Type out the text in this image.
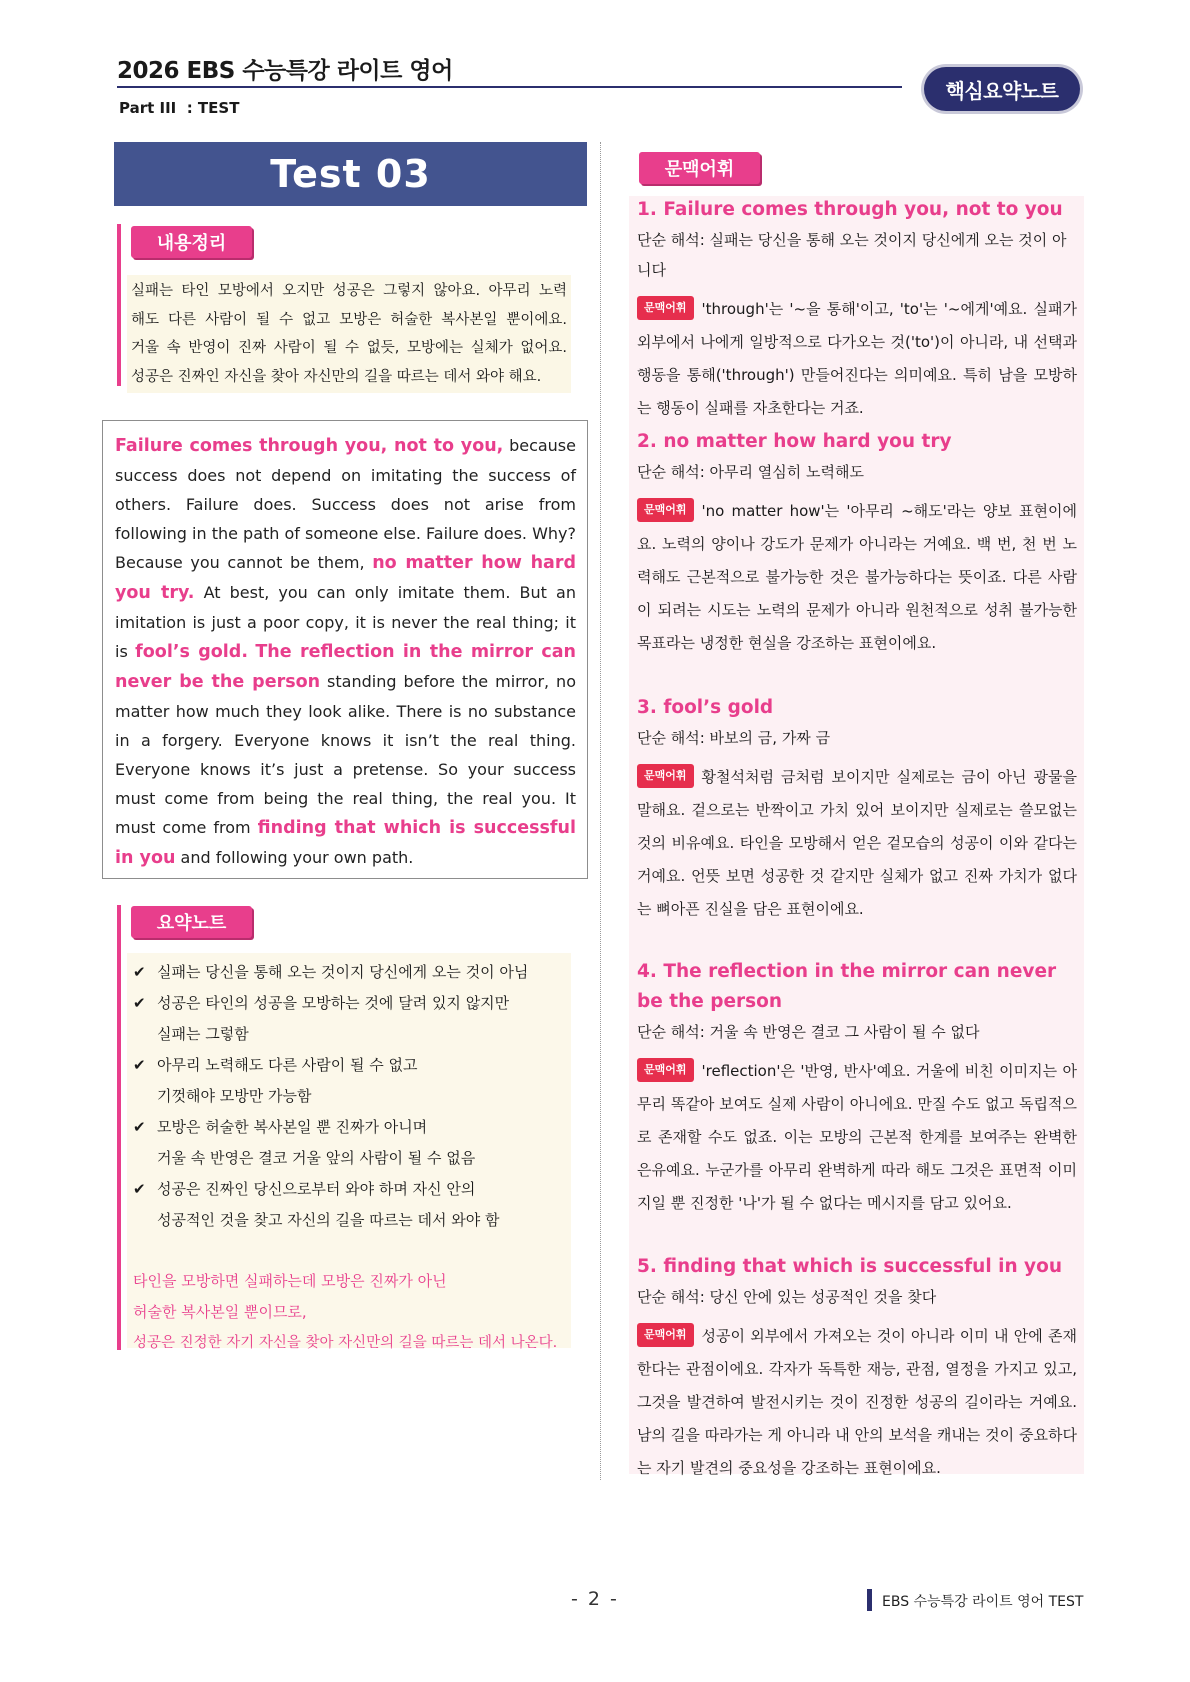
2026 EBS 수능특강 라이트 영어
Part III  : TEST
핵심요약노트
Test 03
내용정리

실패는 타인 모방에서 오지만 성공은 그렇지 않아요. 아무리 노력

해도 다른 사람이 될 수 없고 모방은 허술한 복사본일 뿐이에요.

거울 속 반영이 진짜 사람이 될 수 없듯, 모방에는 실체가 없어요.

성공은 진짜인 자신을 찾아 자신만의 길을 따르는 데서 와야 해요.

Failure comes through you, not to you, because success does not depend on imitating the success of others. Failure does. Success does not arise from following in the path of someone else. Failure does. Why? Because you cannot be them, no matter how hard you try. At best, you can only imitate them. But an imitation is just a poor copy, it is never the real thing; it is fool’s gold. The reflection in the mirror can never be the person standing before the mirror, no matter how much they look alike. There is no substance in a forgery. Everyone knows it isn’t the real thing. Everyone knows it’s just a pretense. So your success must come from being the real thing, the real you. It must come from finding that which is successful in you and following your own path.

요약노트
✔ 실패는 당신을 통해 오는 것이지 당신에게 오는 것이 아님
✔ 성공은 타인의 성공을 모방하는 것에 달려 있지 않지만
실패는 그렇함
✔ 아무리 노력해도 다른 사람이 될 수 없고
기껏해야 모방만 가능함
✔ 모방은 허술한 복사본일 뿐 진짜가 아니며
거울 속 반영은 결코 거울 앞의 사람이 될 수 없음
✔ 성공은 진짜인 당신으로부터 와야 하며 자신 안의
성공적인 것을 찾고 자신의 길을 따르는 데서 와야 함
타인을 모방하면 실패하는데 모방은 진짜가 아닌
허술한 복사본일 뿐이므로,
성공은 진정한 자기 자신을 찾아 자신만의 길을 따르는 데서 나온다.
문맥어휘
1. Failure comes through you, not to you
단순 해석: 실패는 당신을 통해 오는 것이지 당신에게 오는 것이 아니다
문맥어휘 'through'는 '~을 통해'이고, 'to'는 '~에게'예요. 실패가 외부에서 나에게 일방적으로 다가오는 것('to')이 아니라, 내 선택과 행동을 통해('through') 만들어진다는 의미예요. 특히 남을 모방하는 행동이 실패를 자초한다는 거죠.
2. no matter how hard you try
단순 해석: 아무리 열심히 노력해도
문맥어휘 'no matter how'는 '아무리 ~해도'라는 양보 표현이에요. 노력의 양이나 강도가 문제가 아니라는 거예요. 백 번, 천 번 노력해도 근본적으로 불가능한 것은 불가능하다는 뜻이죠. 다른 사람이 되려는 시도는 노력의 문제가 아니라 원천적으로 성취 불가능한 목표라는 냉정한 현실을 강조하는 표현이에요.
3. fool’s gold
단순 해석: 바보의 금, 가짜 금
문맥어휘 황철석처럼 금처럼 보이지만 실제로는 금이 아닌 광물을 말해요. 겉으로는 반짝이고 가치 있어 보이지만 실제로는 쓸모없는 것의 비유예요. 타인을 모방해서 얻은 겉모습의 성공이 이와 같다는 거예요. 언뜻 보면 성공한 것 같지만 실체가 없고 진짜 가치가 없다는 뼈아픈 진실을 담은 표현이에요.
4. The reflection in the mirror can never be the person
단순 해석: 거울 속 반영은 결코 그 사람이 될 수 없다
문맥어휘 'reflection'은 '반영, 반사'예요. 거울에 비친 이미지는 아무리 똑같아 보여도 실제 사람이 아니에요. 만질 수도 없고 독립적으로 존재할 수도 없죠. 이는 모방의 근본적 한계를 보여주는 완벽한 은유예요. 누군가를 아무리 완벽하게 따라 해도 그것은 표면적 이미지일 뿐 진정한 '나'가 될 수 없다는 메시지를 담고 있어요.
5. finding that which is successful in you
단순 해석: 당신 안에 있는 성공적인 것을 찾다
문맥어휘 성공이 외부에서 가져오는 것이 아니라 이미 내 안에 존재한다는 관점이에요. 각자가 독특한 재능, 관점, 열정을 가지고 있고, 그것을 발견하여 발전시키는 것이 진정한 성공의 길이라는 거예요. 남의 길을 따라가는 게 아니라 내 안의 보석을 캐내는 것이 중요하다는 자기 발견의 중요성을 강조하는 표현이에요.
- 2 -	EBS 수능특강 라이트 영어 TEST
